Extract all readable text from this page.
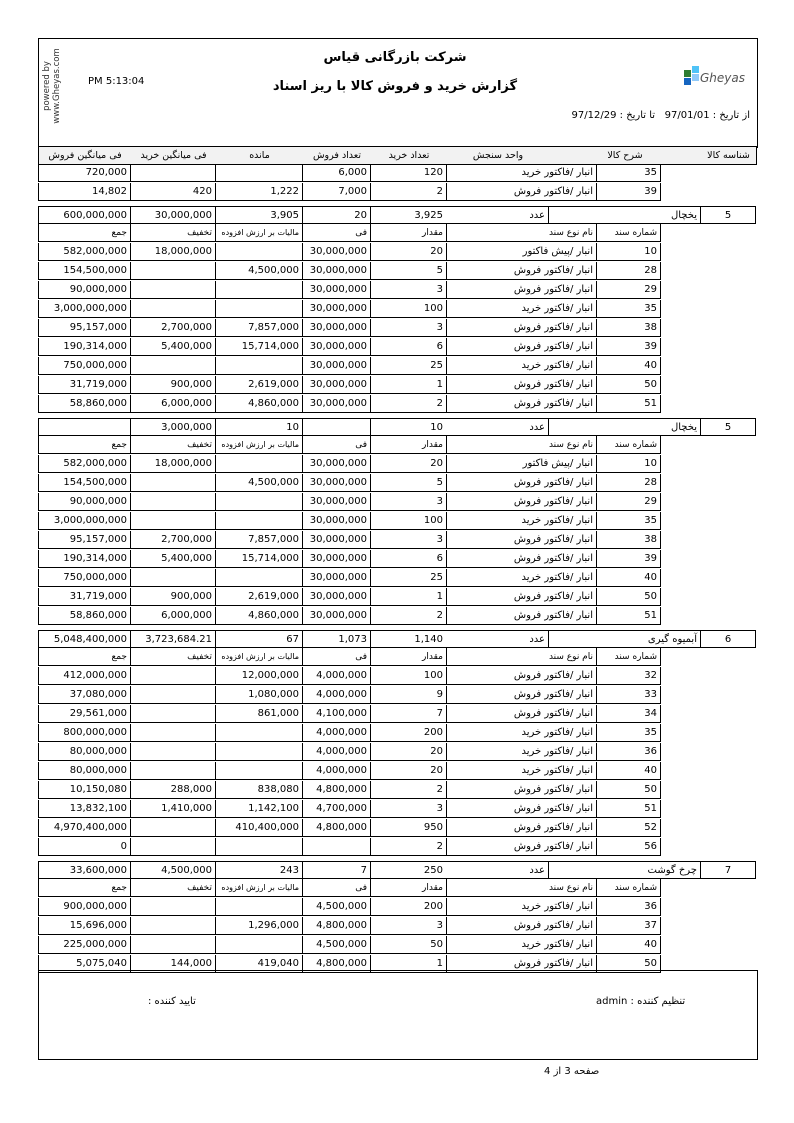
powered by www.Gheyas.com	PM 5:13:04
شرکت بازرگانی قیاس
گزارش خرید و فروش کالا با ریز اسناد
Gheyas
از تاریخ : 97/01/01   تا تاریخ : 97/12/29
شناسه کالا
شرح کالا
واحد سنجش
تعداد خرید
تعداد فروش
مانده
فی میانگین خرید
فی میانگین فروش
35
انبار /فاکتور خرید
120
6,000
720,000
39
انبار /فاکتور فروش
2
7,000
1,222
420
14,802
5
یخچال
عدد
3,925
20
3,905
30,000,000
600,000,000
شماره سند
نام نوع سند
مقدار
فی
مالیات بر ارزش افزوده
تخفیف
جمع
10
انبار /پیش فاکتور
20
30,000,000
18,000,000
582,000,000
28
انبار /فاکتور فروش
5
30,000,000
4,500,000
154,500,000
29
انبار /فاکتور فروش
3
30,000,000
90,000,000
35
انبار /فاکتور خرید
100
30,000,000
3,000,000,000
38
انبار /فاکتور فروش
3
30,000,000
7,857,000
2,700,000
95,157,000
39
انبار /فاکتور فروش
6
30,000,000
15,714,000
5,400,000
190,314,000
40
انبار /فاکتور خرید
25
30,000,000
750,000,000
50
انبار /فاکتور فروش
1
30,000,000
2,619,000
900,000
31,719,000
51
انبار /فاکتور فروش
2
30,000,000
4,860,000
6,000,000
58,860,000
5
یخچال
عدد
10
10
3,000,000
شماره سند
نام نوع سند
مقدار
فی
مالیات بر ارزش افزوده
تخفیف
جمع
10
انبار /پیش فاکتور
20
30,000,000
18,000,000
582,000,000
28
انبار /فاکتور فروش
5
30,000,000
4,500,000
154,500,000
29
انبار /فاکتور فروش
3
30,000,000
90,000,000
35
انبار /فاکتور خرید
100
30,000,000
3,000,000,000
38
انبار /فاکتور فروش
3
30,000,000
7,857,000
2,700,000
95,157,000
39
انبار /فاکتور فروش
6
30,000,000
15,714,000
5,400,000
190,314,000
40
انبار /فاکتور خرید
25
30,000,000
750,000,000
50
انبار /فاکتور فروش
1
30,000,000
2,619,000
900,000
31,719,000
51
انبار /فاکتور فروش
2
30,000,000
4,860,000
6,000,000
58,860,000
6
آبمیوه گیری
عدد
1,140
1,073
67
3,723,684.21
5,048,400,000
شماره سند
نام نوع سند
مقدار
فی
مالیات بر ارزش افزوده
تخفیف
جمع
32
انبار /فاکتور فروش
100
4,000,000
12,000,000
412,000,000
33
انبار /فاکتور فروش
9
4,000,000
1,080,000
37,080,000
34
انبار /فاکتور فروش
7
4,100,000
861,000
29,561,000
35
انبار /فاکتور خرید
200
4,000,000
800,000,000
36
انبار /فاکتور خرید
20
4,000,000
80,000,000
40
انبار /فاکتور خرید
20
4,000,000
80,000,000
50
انبار /فاکتور فروش
2
4,800,000
838,080
288,000
10,150,080
51
انبار /فاکتور فروش
3
4,700,000
1,142,100
1,410,000
13,832,100
52
انبار /فاکتور فروش
950
4,800,000
410,400,000
4,970,400,000
56
انبار /فاکتور فروش
2
0
7
چرخ گوشت
عدد
250
7
243
4,500,000
33,600,000
شماره سند
نام نوع سند
مقدار
فی
مالیات بر ارزش افزوده
تخفیف
جمع
36
انبار /فاکتور خرید
200
4,500,000
900,000,000
37
انبار /فاکتور فروش
3
4,800,000
1,296,000
15,696,000
40
انبار /فاکتور خرید
50
4,500,000
225,000,000
50
انبار /فاکتور فروش
1
4,800,000
419,040
144,000
5,075,040
تایید کننده :	تنظیم کننده : admin
صفحه 3 از 4
